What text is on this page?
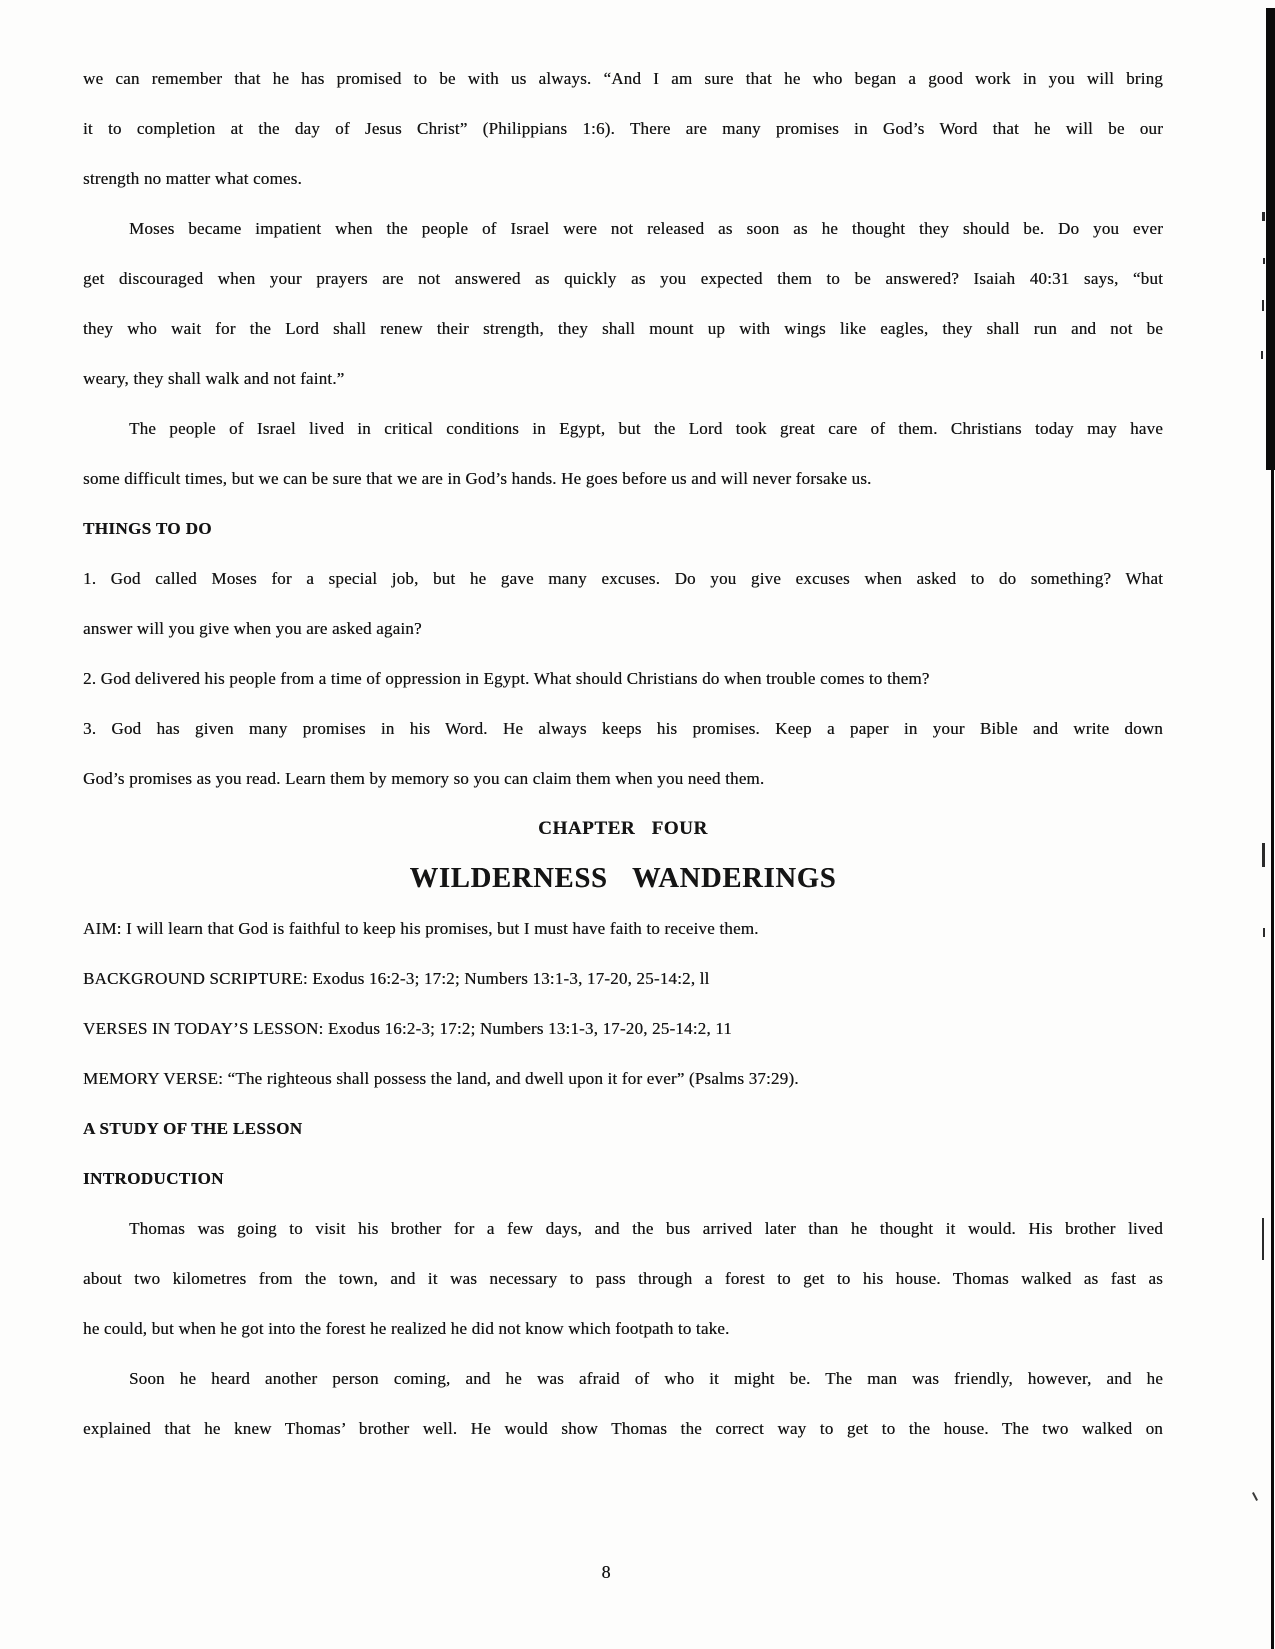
we can remember that he has promised to be with us always. “And I am sure that he who began a good work in you will bring
it to completion at the day of Jesus Christ” (Philippians 1:6). There are many promises in God’s Word that he will be our
strength no matter what comes.
Moses became impatient when the people of Israel were not released as soon as he thought they should be. Do you ever
get discouraged when your prayers are not answered as quickly as you expected them to be answered? Isaiah 40:31 says, “but
they who wait for the Lord shall renew their strength, they shall mount up with wings like eagles, they shall run and not be
weary, they shall walk and not faint.”
The people of Israel lived in critical conditions in Egypt, but the Lord took great care of them. Christians today may have
some difficult times, but we can be sure that we are in God’s hands. He goes before us and will never forsake us.
THINGS TO DO
1. God called Moses for a special job, but he gave many excuses. Do you give excuses when asked to do something? What
answer will you give when you are asked again?
2. God delivered his people from a time of oppression in Egypt. What should Christians do when trouble comes to them?
3. God has given many promises in his Word. He always keeps his promises. Keep a paper in your Bible and write down
God’s promises as you read. Learn them by memory so you can claim them when you need them.
CHAPTER FOUR
WILDERNESS WANDERINGS
AIM: I will learn that God is faithful to keep his promises, but I must have faith to receive them.
BACKGROUND SCRIPTURE: Exodus 16:2-3; 17:2; Numbers 13:1-3, 17-20, 25-14:2, ll
VERSES IN TODAY’S LESSON: Exodus 16:2-3; 17:2; Numbers 13:1-3, 17-20, 25-14:2, 11
MEMORY VERSE: “The righteous shall possess the land, and dwell upon it for ever” (Psalms 37:29).
A STUDY OF THE LESSON
INTRODUCTION
Thomas was going to visit his brother for a few days, and the bus arrived later than he thought it would. His brother lived
about two kilometres from the town, and it was necessary to pass through a forest to get to his house. Thomas walked as fast as
he could, but when he got into the forest he realized he did not know which footpath to take.
Soon he heard another person coming, and he was afraid of who it might be. The man was friendly, however, and he
explained that he knew Thomas’ brother well. He would show Thomas the correct way to get to the house. The two walked on
8
